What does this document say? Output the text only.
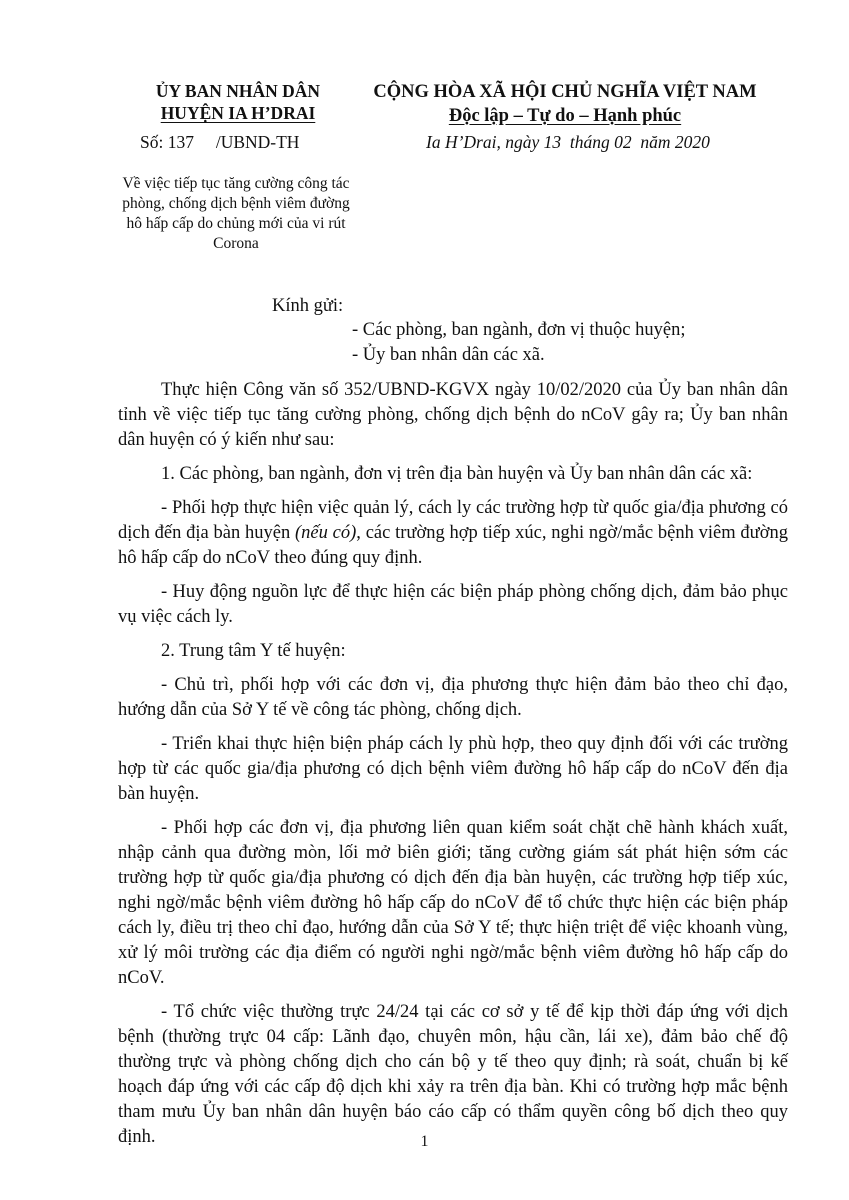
ỦY BAN NHÂN DÂN
HUYỆN IA H’DRAI
CỘNG HÒA XÃ HỘI CHỦ NGHĨA VIỆT NAM
Độc lập – Tự do – Hạnh phúc
Số: 137     /UBND-TH	Ia H’Drai, ngày 13  tháng 02  năm 2020
Về việc tiếp tục tăng cường công tác phòng, chống dịch bệnh viêm đường hô hấp cấp do chủng mới của vi rút Corona
Kính gửi:
- Các phòng, ban ngành, đơn vị thuộc huyện;
- Ủy ban nhân dân các xã.

Thực hiện Công văn số 352/UBND-KGVX ngày 10/02/2020 của Ủy ban nhân dân tỉnh về việc tiếp tục tăng cường phòng, chống dịch bệnh do nCoV gây ra; Ủy ban nhân dân huyện có ý kiến như sau:

1. Các phòng, ban ngành, đơn vị trên địa bàn huyện và Ủy ban nhân dân các xã:

- Phối hợp thực hiện việc quản lý, cách ly các trường hợp từ quốc gia/địa phương có dịch đến địa bàn huyện (nếu có), các trường hợp tiếp xúc, nghi ngờ/mắc bệnh viêm đường hô hấp cấp do nCoV theo đúng quy định.

- Huy động nguồn lực để thực hiện các biện pháp phòng chống dịch, đảm bảo phục vụ việc cách ly.

2. Trung tâm Y tế huyện:

- Chủ trì, phối hợp với các đơn vị, địa phương thực hiện đảm bảo theo chỉ đạo, hướng dẫn của Sở Y tế về công tác phòng, chống dịch.

- Triển khai thực hiện biện pháp cách ly phù hợp, theo quy định đối với các trường hợp từ các quốc gia/địa phương có dịch bệnh viêm đường hô hấp cấp do nCoV đến địa bàn huyện.

- Phối hợp các đơn vị, địa phương liên quan kiểm soát chặt chẽ hành khách xuất, nhập cảnh qua đường mòn, lối mở biên giới; tăng cường giám sát phát hiện sớm các trường hợp từ quốc gia/địa phương có dịch đến địa bàn huyện, các trường hợp tiếp xúc, nghi ngờ/mắc bệnh viêm đường hô hấp cấp do nCoV để tổ chức thực hiện các biện pháp cách ly, điều trị theo chỉ đạo, hướng dẫn của Sở Y tế; thực hiện triệt để việc khoanh vùng, xử lý môi trường các địa điểm có người nghi ngờ/mắc bệnh viêm đường hô hấp cấp do nCoV.

- Tổ chức việc thường trực 24/24 tại các cơ sở y tế để kịp thời đáp ứng với dịch bệnh (thường trực 04 cấp: Lãnh đạo, chuyên môn, hậu cần, lái xe), đảm bảo chế độ thường trực và phòng chống dịch cho cán bộ y tế theo quy định; rà soát, chuẩn bị kế hoạch đáp ứng với các cấp độ dịch khi xảy ra trên địa bàn. Khi có trường hợp mắc bệnh tham mưu Ủy ban nhân dân huyện báo cáo cấp có thẩm quyền công bố dịch theo quy định.	1
